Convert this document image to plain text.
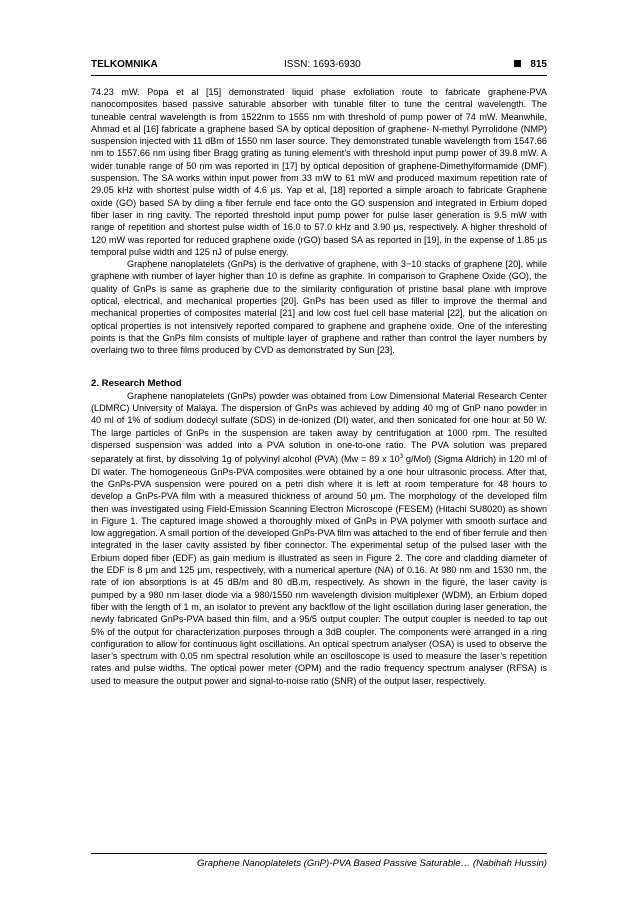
TELKOMNIKA	ISSN: 1693-6930	815

74.23 mW. Popa et al [15] demonstrated liquid phase exfoliation route to fabricate graphene-PVA nanocomposites based passive saturable absorber with tunable filter to tune the central wavelength. The tuneable central wavelength is from 1522nm to 1555 nm with threshold of pump power of 74 mW. Meanwhile, Ahmad et al [16] fabricate a graphene based SA by optical deposition of graphene- N-methyl Pyrrolidone (NMP) suspension injected with 11 dBm of 1550 nm laser source. They demonstrated tunable wavelength from 1547.66 nm to 1557.66 nm using fiber Bragg grating as tuning element’s with threshold input pump power of 39.8 mW. A wider tunable range of 50 nm was reported in [17] by optical deposition of graphene-Dimethylformamide (DMF) suspension. The SA works within input power from 33 mW to 61 mW and produced maximum repetition rate of 29.05 kHz with shortest pulse width of 4.6 μs. Yap et al, [18] reported a simple aroach to fabricate Graphene oxide (GO) based SA by diing a fiber ferrule end face onto the GO suspension and integrated in Erbium doped fiber laser in ring cavity. The reported threshold input pump power for pulse laser generation is 9.5 mW with range of repetition and shortest pulse width of 16.0 to 57.0 kHz and 3.90 μs, respectively. A higher threshold of 120 mW was reported for reduced graphene oxide (rGO) based SA as reported in [19], in the expense of 1.85 µs temporal pulse width and 125 nJ of pulse energy.

Graphene nanoplatelets (GnPs) is the derivative of graphene, with 3−10 stacks of graphene [20], while graphene with number of layer higher than 10 is define as graphite. In comparison to Graphene Oxide (GO), the quality of GnPs is same as graphene due to the similarity configuration of pristine basal plane with improve optical, electrical, and mechanical properties [20]. GnPs has been used as filler to improve the thermal and mechanical properties of composites material [21] and low cost fuel cell base material [22], but the alication on optical properties is not intensively reported compared to graphene and graphene oxide. One of the interesting points is that the GnPs film consists of multiple layer of graphene and rather than control the layer numbers by overlaing two to three films produced by CVD as demonstrated by Sun [23].

2. Research Method

Graphene nanoplatelets (GnPs) powder was obtained from Low Dimensional Material Research Center (LDMRC) University of Malaya. The dispersion of GnPs was achieved by adding 40 mg of GnP nano powder in 40 ml of 1% of sodium dodecyl sulfate (SDS) in de-ionized (DI) water, and then sonicated for one hour at 50 W. The large particles of GnPs in the suspension are taken away by centrifugation at 1000 rpm. The resulted dispersed suspension was added into a PVA solution in one-to-one ratio. The PVA solution was prepared separately at first, by dissolving 1g of polyvinyl alcohol (PVA) (Mw = 89 x $10^3$ g/Mol) (Sigma Aldrich) in 120 ml of DI water. The homogeneous GnPs-PVA composites were obtained by a one hour ultrasonic process. After that, the GnPs-PVA suspension were poured on a petri dish where it is left at room temperature for 48 hours to develop a GnPs-PVA film with a measured thickness of around 50 μm. The morphology of the developed film then was investigated using Field-Emission Scanning Electron Microscope (FESEM) (Hitachi SU8020) as shown in Figure 1. The captured image showed a thoroughly mixed of GnPs in PVA polymer with smooth surface and low aggregation. A small portion of the developed GnPs-PVA film was attached to the end of fiber ferrule and then integrated in the laser cavity assisted by fiber connector. The experimental setup of the pulsed laser with the Erbium doped fiber (EDF) as gain medium is illustrated as seen in Figure 2. The core and cladding diameter of the EDF is 8 µm and 125 µm, respectively, with a numerical aperture (NA) of 0.16. At 980 nm and 1530 nm, the rate of ion absorptions is at 45 dB/m and 80 dB.m, respectively. As shown in the figure, the laser cavity is pumped by a 980 nm laser diode via a 980/1550 nm wavelength division multiplexer (WDM), an Erbium doped fiber with the length of 1 m, an isolator to prevent any backflow of the light oscillation during laser generation, the newly fabricated GnPs-PVA based thin film, and a 95/5 output coupler. The output coupler is needed to tap out 5% of the output for characterization purposes through a 3dB coupler. The components were arranged in a ring configuration to allow for continuous light oscillations. An optical spectrum analyser (OSA) is used to observe the laser’s spectrum with 0.05 nm spectral resolution while an oscilloscope is used to measure the laser’s repetition rates and pulse widths. The optical power meter (OPM) and the radio frequency spectrum analyser (RFSA) is used to measure the output power and signal-to-noise ratio (SNR) of the output laser, respectively.

Graphene Nanoplatelets (GnP)-PVA Based Passive Saturable… (Nabihah Hussin)
